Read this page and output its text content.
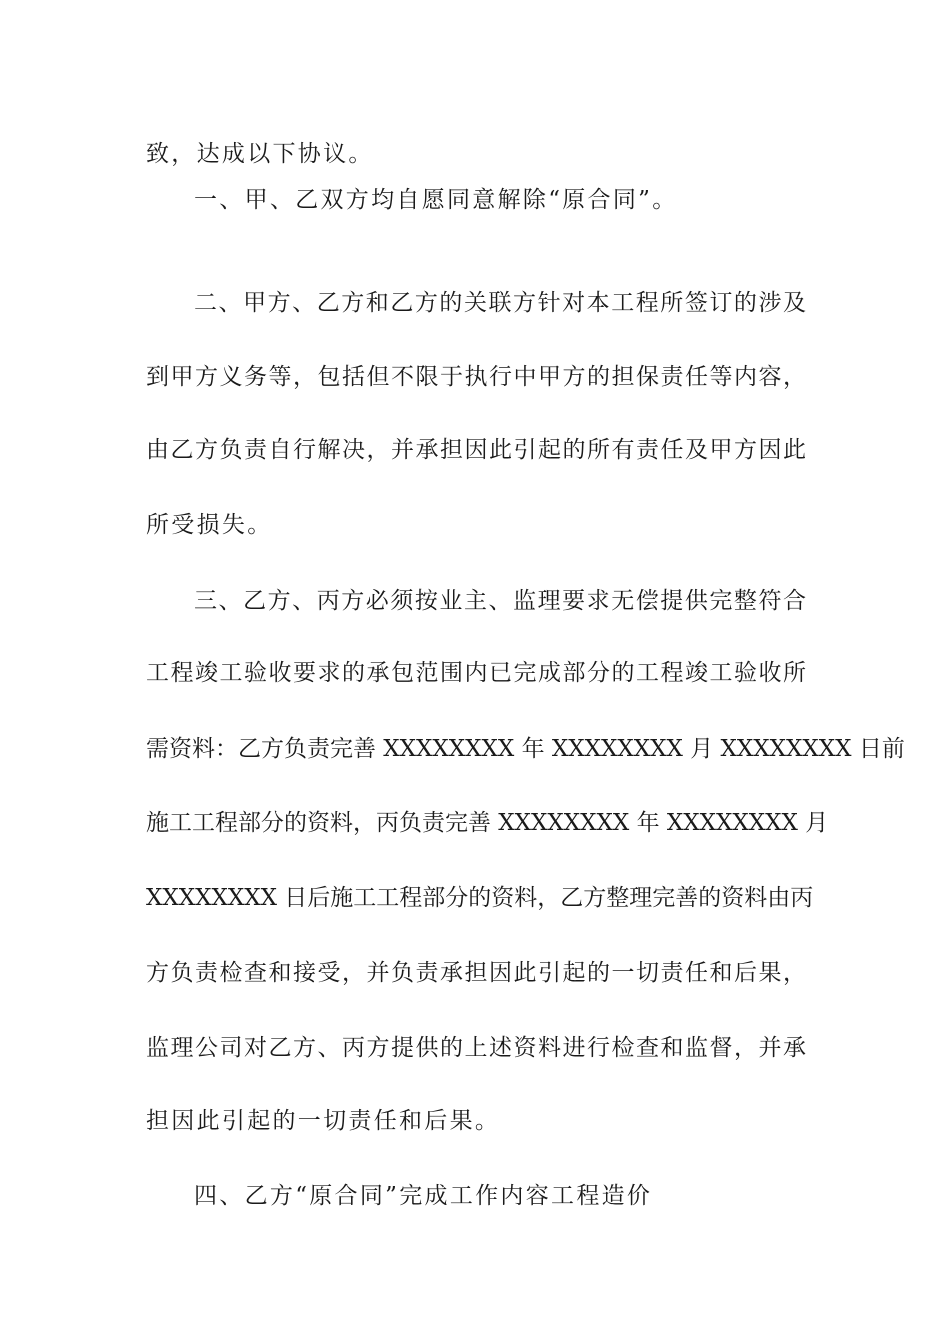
致，达成以下协议。
一、甲、乙双方均自愿同意解除“原合同”。
二、甲方、乙方和乙方的关联方针对本工程所签订的涉及
到甲方义务等，包括但不限于执行中甲方的担保责任等内容，
由乙方负责自行解决，并承担因此引起的所有责任及甲方因此
所受损失。
三、乙方、丙方必须按业主、监理要求无偿提供完整符合
工程竣工验收要求的承包范围内已完成部分的工程竣工验收所
需资料：乙方负责完善 XXXXXXXX 年 XXXXXXXX 月 XXXXXXXX 日前
施工工程部分的资料，丙负责完善 XXXXXXXX 年 XXXXXXXX 月
XXXXXXXX 日后施工工程部分的资料，乙方整理完善的资料由丙
方负责检查和接受，并负责承担因此引起的一切责任和后果，
监理公司对乙方、丙方提供的上述资料进行检查和监督，并承
担因此引起的一切责任和后果。
四、乙方“原合同”完成工作内容工程造价
